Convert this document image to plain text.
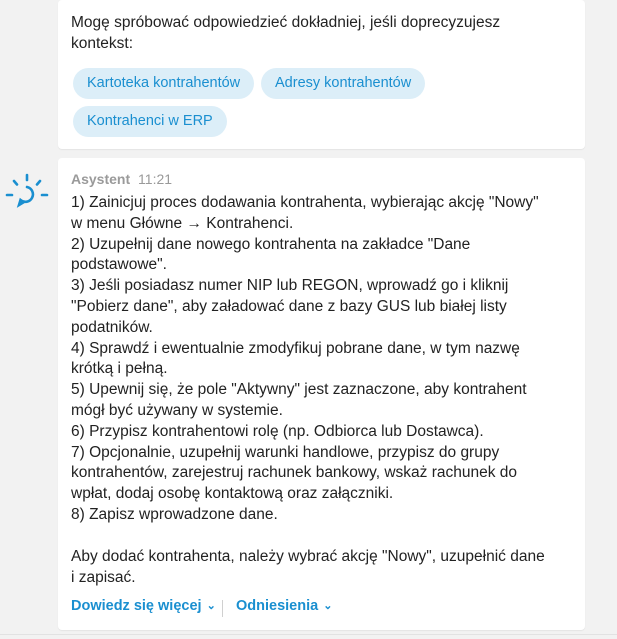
Mogę spróbować odpowiedzieć dokładniej, jeśli doprecyzujesz kontekst:
Kartoteka kontrahentów	Adresy kontrahentów
Kontrahenci w ERP
Asystent 11:21
1) Zainicjuj proces dodawania kontrahenta, wybierając akcję "Nowy" w menu Główne → Kontrahenci.
2) Uzupełnij dane nowego kontrahenta na zakładce "Dane podstawowe".
3) Jeśli posiadasz numer NIP lub REGON, wprowadź go i kliknij "Pobierz dane", aby załadować dane z bazy GUS lub białej listy podatników.
4) Sprawdź i ewentualnie zmodyfikuj pobrane dane, w tym nazwę krótką i pełną.
5) Upewnij się, że pole "Aktywny" jest zaznaczone, aby kontrahent mógł być używany w systemie.
6) Przypisz kontrahentowi rolę (np. Odbiorca lub Dostawca).
7) Opcjonalnie, uzupełnij warunki handlowe, przypisz do grupy kontrahentów, zarejestruj rachunek bankowy, wskaż rachunek do wpłat, dodaj osobę kontaktową oraz załączniki.
8) Zapisz wprowadzone dane.
Aby dodać kontrahenta, należy wybrać akcję "Nowy", uzupełnić dane i zapisać.
Dowiedz się więcej ⌄ Odniesienia ⌄
